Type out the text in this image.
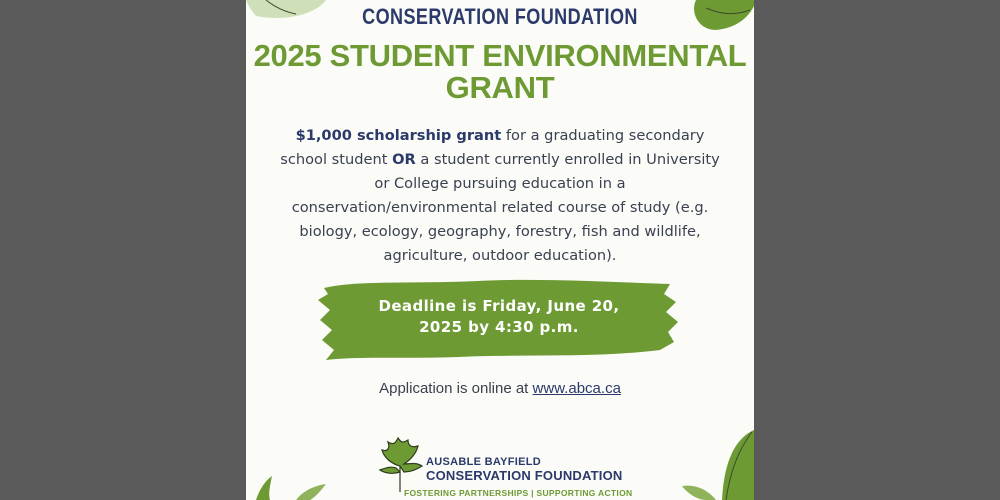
CONSERVATION FOUNDATION
2025 STUDENT ENVIRONMENTAL
GRANT
$1,000 scholarship grant for a graduating secondary school student OR a student currently enrolled in University or College pursuing education in a conservation/environmental related course of study (e.g. biology, ecology, geography, forestry, fish and wildlife, agriculture, outdoor education).
Deadline is Friday, June 20,
2025 by 4:30 p.m.
Application is online at www.abca.ca
AUSABLE BAYFIELD
CONSERVATION FOUNDATION
FOSTERING PARTNERSHIPS | SUPPORTING ACTION
